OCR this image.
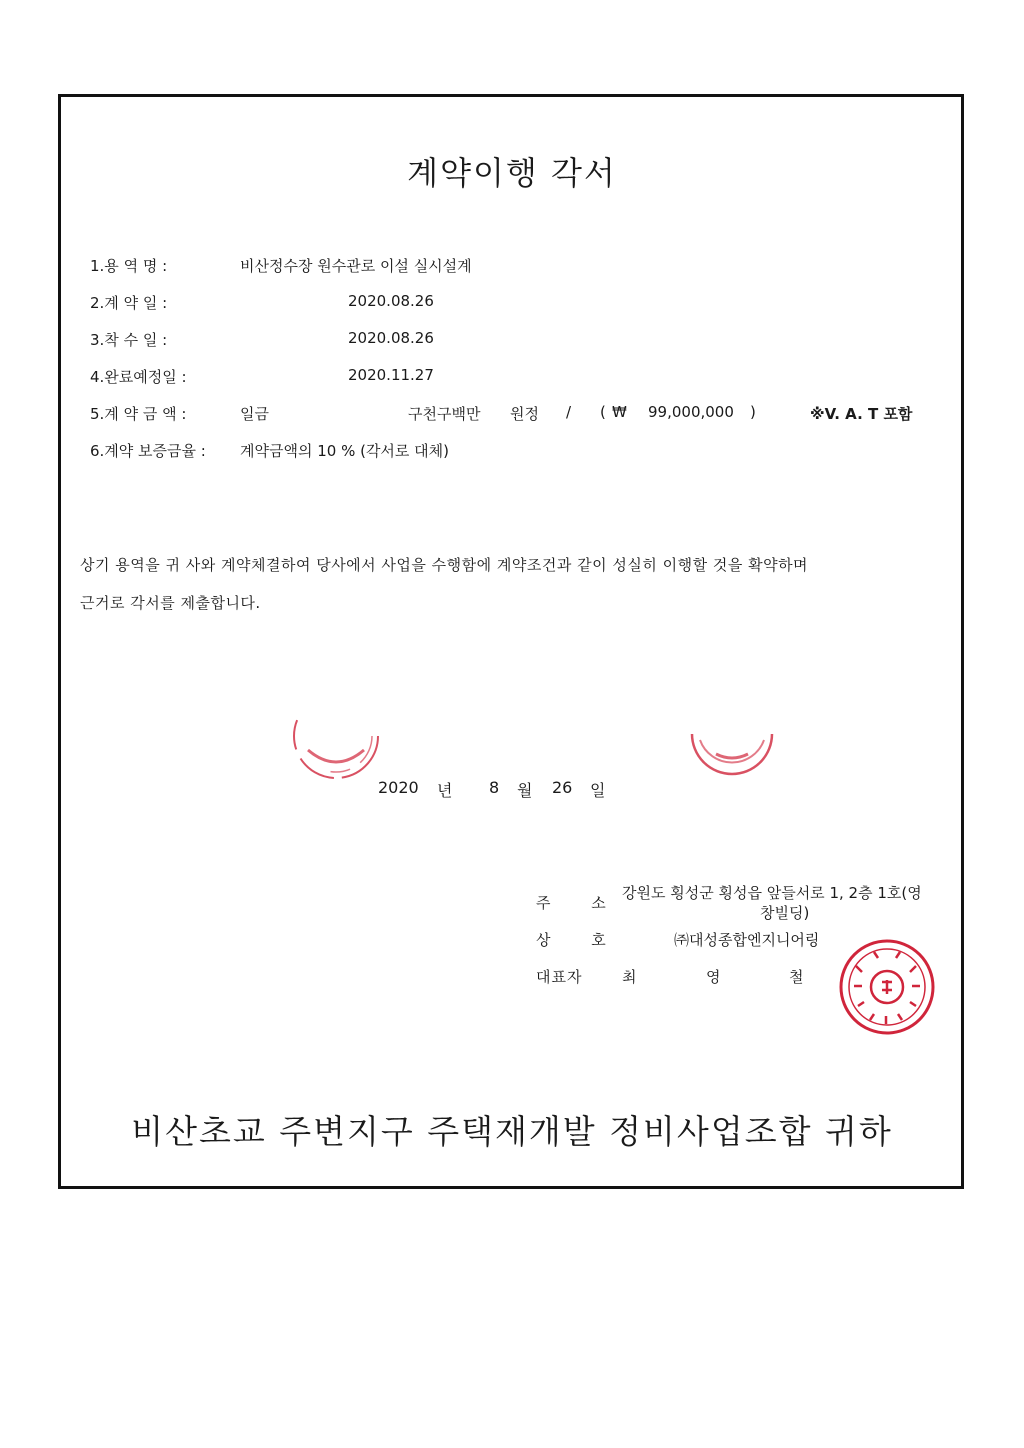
계약이행 각서
1.용 역 명 :	비산정수장 원수관로 이설 실시설계
2.계 약 일 :	2020.08.26
3.착 수 일 :	2020.08.26
4.완료예정일 :	2020.11.27
5.계 약 금 액 :	일금	구천구백만 원정 / ( ₩ 99,000,000 )	※V. A. T 포함
6.계약 보증금율 : 계약금액의 10 % (각서로 대체)
상기 용역을 귀 사와 계약체결하여 당사에서 사업을 수행함에 계약조건과 같이 성실히 이행할 것을 확약하며
근거로 각서를 제출합니다.
2020 년 8 월 26 일
주 소
강원도 횡성군 횡성읍 앞들서로 1, 2층 1호(영
창빌딩)
상 호	㈜대성종합엔지니어링
대표자	최	영	철
비산초교 주변지구 주택재개발 정비사업조합 귀하
